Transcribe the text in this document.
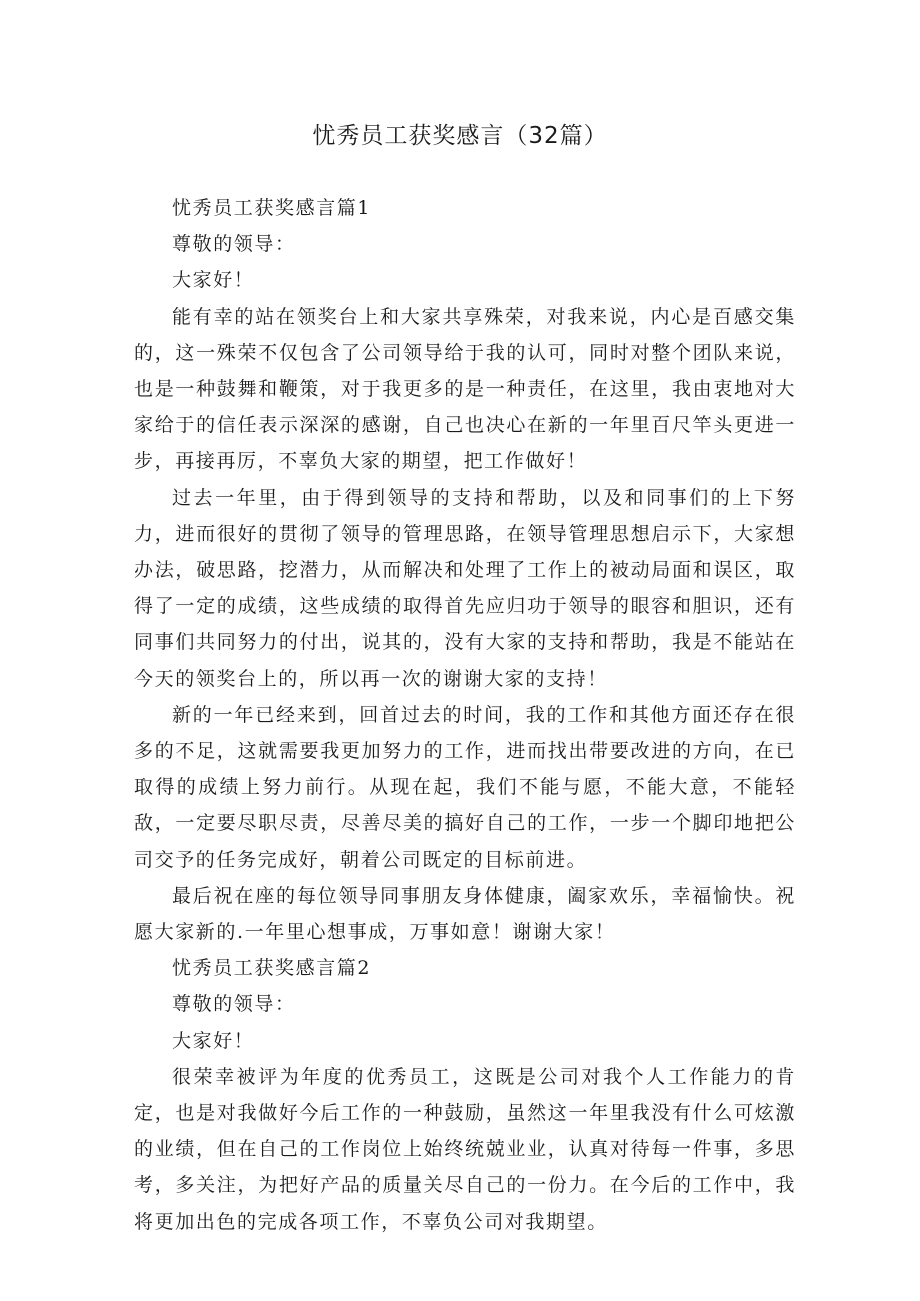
忧秀员工获奖感言（32篇）

忧秀员工获奖感言篇1

尊敬的领导：

大家好！

能有幸的站在领奖台上和大家共享殊荣，对我来说，内心是百感交集的，这一殊荣不仅包含了公司领导给于我的认可，同时对整个团队来说，也是一种鼓舞和鞭策，对于我更多的是一种责任，在这里，我由衷地对大家给于的信任表示深深的感谢，自己也决心在新的一年里百尺竿头更进一步，再接再厉，不辜负大家的期望，把工作做好！

过去一年里，由于得到领导的支持和帮助，以及和同事们的上下努力，进而很好的贯彻了领导的管理思路，在领导管理思想启示下，大家想办法，破思路，挖潜力，从而解决和处理了工作上的被动局面和误区，取得了一定的成绩，这些成绩的取得首先应归功于领导的眼容和胆识，还有同事们共同努力的付出，说其的，没有大家的支持和帮助，我是不能站在今天的领奖台上的，所以再一次的谢谢大家的支持！

新的一年已经来到，回首过去的时间，我的工作和其他方面还存在很多的不足，这就需要我更加努力的工作，进而找出带要改进的方向，在已取得的成绩上努力前行。从现在起，我们不能与愿，不能大意，不能轻敌，一定要尽职尽责，尽善尽美的搞好自己的工作，一步一个脚印地把公司交予的任务完成好，朝着公司既定的目标前进。

最后祝在座的每位领导同事朋友身体健康，阖家欢乐，幸福愉快。祝愿大家新的.一年里心想事成，万事如意！谢谢大家！

忧秀员工获奖感言篇2

尊敬的领导：

大家好！

很荣幸被评为年度的优秀员工，这既是公司对我个人工作能力的肯定，也是对我做好今后工作的一种鼓励，虽然这一年里我没有什么可炫激的业绩，但在自己的工作岗位上始终统兢业业，认真对待每一件事，多思考，多关注，为把好产品的质量关尽自己的一份力。在今后的工作中，我将更加出色的完成各项工作，不辜负公司对我期望。
